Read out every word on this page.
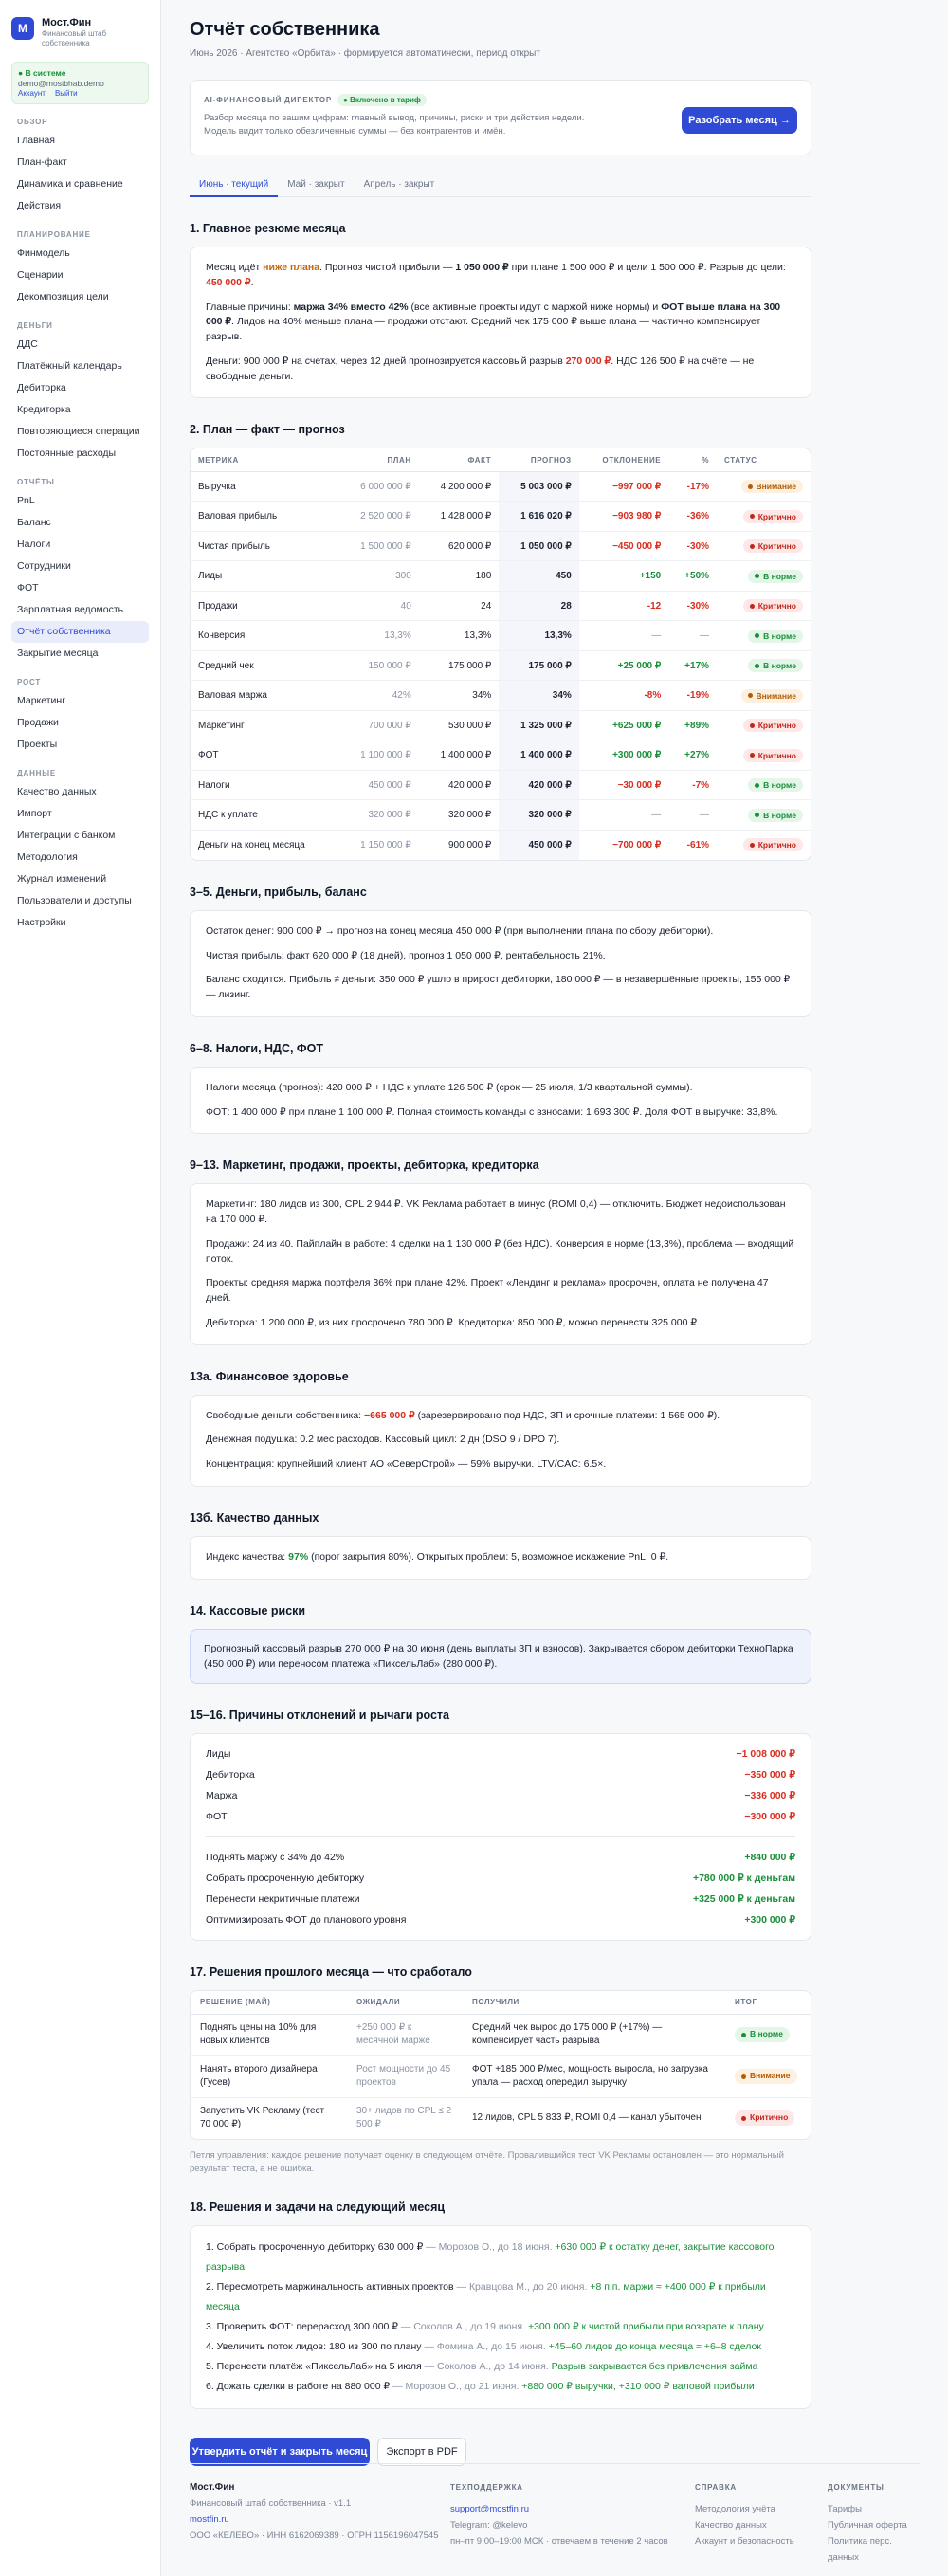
М	Мост.Фин
Финансовый штаб собственника
● В системе
demo@mostbhab.demo
Аккаунт Выйти
ОБЗОР
Главная
План-факт
Динамика и сравнение
Действия
ПЛАНИРОВАНИЕ
Финмодель
Сценарии
Декомпозиция цели
ДЕНЬГИ
ДДС
Платёжный календарь
Дебиторка
Кредиторка
Повторяющиеся операции
Постоянные расходы
ОТЧЁТЫ
PnL
Баланс
Налоги
Сотрудники
ФОТ
Зарплатная ведомость
Отчёт собственника
Закрытие месяца
РОСТ
Маркетинг
Продажи
Проекты
ДАННЫЕ
Качество данных
Импорт
Интеграции с банком
Методология
Журнал изменений
Пользователи и доступы
Настройки
Отчёт собственника
Июнь 2026 · Агентство «Орбита» · формируется автоматически, период открыт
AI-ФИНАНСОВЫЙ ДИРЕКТОР	● Включено в тариф
Разбор месяца по вашим цифрам: главный вывод, причины, риски и три действия недели. Модель видит только обезличенные суммы — без контрагентов и имён.
Разобрать месяц →
Июнь · текущий	Май · закрыт	Апрель · закрыт
1. Главное резюме месяца

Месяц идёт ниже плана. Прогноз чистой прибыли — 1 050 000 ₽ при плане 1 500 000 ₽ и цели 1 500 000 ₽. Разрыв до цели: 450 000 ₽.

Главные причины: маржа 34% вместо 42% (все активные проекты идут с маржой ниже нормы) и ФОТ выше плана на 300 000 ₽. Лидов на 40% меньше плана — продажи отстают. Средний чек 175 000 ₽ выше плана — частично компенсирует разрыв.

Деньги: 900 000 ₽ на счетах, через 12 дней прогнозируется кассовый разрыв 270 000 ₽. НДС 126 500 ₽ на счёте — не свободные деньги.

2. План — факт — прогноз
МЕТРИКА	ПЛАН	ФАКТ	ПРОГНОЗ	ОТКЛОНЕНИЕ	%	СТАТУС
Выручка	6 000 000 ₽	4 200 000 ₽	5 003 000 ₽	−997 000 ₽	-17%	Внимание
Валовая прибыль	2 520 000 ₽	1 428 000 ₽	1 616 020 ₽	−903 980 ₽	-36%	Критично
Чистая прибыль	1 500 000 ₽	620 000 ₽	1 050 000 ₽	−450 000 ₽	-30%	Критично
Лиды	300	180	450	+150	+50%	В норме
Продажи	40	24	28	-12	-30%	Критично
Конверсия	13,3%	13,3%	13,3%	—	—	В норме
Средний чек	150 000 ₽	175 000 ₽	175 000 ₽	+25 000 ₽	+17%	В норме
Валовая маржа	42%	34%	34%	-8%	-19%	Внимание
Маркетинг	700 000 ₽	530 000 ₽	1 325 000 ₽	+625 000 ₽	+89%	Критично
ФОТ	1 100 000 ₽	1 400 000 ₽	1 400 000 ₽	+300 000 ₽	+27%	Критично
Налоги	450 000 ₽	420 000 ₽	420 000 ₽	−30 000 ₽	-7%	В норме
НДС к уплате	320 000 ₽	320 000 ₽	320 000 ₽	—	—	В норме
Деньги на конец месяца	1 150 000 ₽	900 000 ₽	450 000 ₽	−700 000 ₽	-61%	Критично
3–5. Деньги, прибыль, баланс

Остаток денег: 900 000 ₽ → прогноз на конец месяца 450 000 ₽ (при выполнении плана по сбору дебиторки).

Чистая прибыль: факт 620 000 ₽ (18 дней), прогноз 1 050 000 ₽, рентабельность 21%.

Баланс сходится. Прибыль ≠ деньги: 350 000 ₽ ушло в прирост дебиторки, 180 000 ₽ — в незавершённые проекты, 155 000 ₽ — лизинг.

6–8. Налоги, НДС, ФОТ

Налоги месяца (прогноз): 420 000 ₽ + НДС к уплате 126 500 ₽ (срок — 25 июля, 1/3 квартальной суммы).

ФОТ: 1 400 000 ₽ при плане 1 100 000 ₽. Полная стоимость команды с взносами: 1 693 300 ₽. Доля ФОТ в выручке: 33,8%.

9–13. Маркетинг, продажи, проекты, дебиторка, кредиторка

Маркетинг: 180 лидов из 300, CPL 2 944 ₽. VK Реклама работает в минус (ROMI 0,4) — отключить. Бюджет недоиспользован на 170 000 ₽.

Продажи: 24 из 40. Пайплайн в работе: 4 сделки на 1 130 000 ₽ (без НДС). Конверсия в норме (13,3%), проблема — входящий поток.

Проекты: средняя маржа портфеля 36% при плане 42%. Проект «Лендинг и реклама» просрочен, оплата не получена 47 дней.

Дебиторка: 1 200 000 ₽, из них просрочено 780 000 ₽. Кредиторка: 850 000 ₽, можно перенести 325 000 ₽.

13а. Финансовое здоровье

Свободные деньги собственника: −665 000 ₽ (зарезервировано под НДС, ЗП и срочные платежи: 1 565 000 ₽).

Денежная подушка: 0.2 мес расходов. Кассовый цикл: 2 дн (DSO 9 / DPO 7).

Концентрация: крупнейший клиент АО «СеверСтрой» — 59% выручки. LTV/CAC: 6.5×.

13б. Качество данных

Индекс качества: 97% (порог закрытия 80%). Открытых проблем: 5, возможное искажение PnL: 0 ₽.

14. Кассовые риски
Прогнозный кассовый разрыв 270 000 ₽ на 30 июня (день выплаты ЗП и взносов). Закрывается сбором дебиторки ТехноПарка (450 000 ₽) или переносом платежа «ПиксельЛаб» (280 000 ₽).
15–16. Причины отклонений и рычаги роста
Лиды	−1 008 000 ₽
Дебиторка	−350 000 ₽
Маржа	−336 000 ₽
ФОТ	−300 000 ₽
Поднять маржу с 34% до 42%	+840 000 ₽
Собрать просроченную дебиторку	+780 000 ₽ к деньгам
Перенести некритичные платежи	+325 000 ₽ к деньгам
Оптимизировать ФОТ до планового уровня	+300 000 ₽
17. Решения прошлого месяца — что сработало
РЕШЕНИЕ (МАЙ)	ОЖИДАЛИ	ПОЛУЧИЛИ	ИТОГ
Поднять цены на 10% для новых клиентов	+250 000 ₽ к месячной марже	Средний чек вырос до 175 000 ₽ (+17%) — компенсирует часть разрыва	В норме
Нанять второго дизайнера (Гусев)	Рост мощности до 45 проектов	ФОТ +185 000 ₽/мес, мощность выросла, но загрузка упала — расход опередил выручку	Внимание
Запустить VK Рекламу (тест 70 000 ₽)	30+ лидов по CPL ≤ 2 500 ₽	12 лидов, CPL 5 833 ₽, ROMI 0,4 — канал убыточен	Критично
Петля управления: каждое решение получает оценку в следующем отчёте. Провалившийся тест VK Рекламы остановлен — это нормальный результат теста, а не ошибка.
18. Решения и задачи на следующий месяц
1. Собрать просроченную дебиторку 630 000 ₽ — Морозов О., до 18 июня. +630 000 ₽ к остатку денег, закрытие кассового разрыва
2. Пересмотреть маржинальность активных проектов — Кравцова М., до 20 июня. +8 п.п. маржи ≈ +400 000 ₽ к прибыли месяца
3. Проверить ФОТ: перерасход 300 000 ₽ — Соколов А., до 19 июня. +300 000 ₽ к чистой прибыли при возврате к плану
4. Увеличить поток лидов: 180 из 300 по плану — Фомина А., до 15 июня. +45–60 лидов до конца месяца ≈ +6–8 сделок
5. Перенести платёж «ПиксельЛаб» на 5 июля — Соколов А., до 14 июня. Разрыв закрывается без привлечения займа
6. Дожать сделки в работе на 880 000 ₽ — Морозов О., до 21 июня. +880 000 ₽ выручки, +310 000 ₽ валовой прибыли
Утвердить отчёт и закрыть месяц	Экспорт в PDF
Мост.Фин
Финансовый штаб собственника · v1.1
mostfin.ru
ООО «КЕЛЕВО» · ИНН 6162069389 · ОГРН 1156196047545
ТЕХПОДДЕРЖКА
support@mostfin.ru
Telegram: @kelevo
пн–пт 9:00–19:00 МСК · отвечаем в течение 2 часов
СПРАВКА
Методология учёта
Качество данных
Аккаунт и безопасность
ДОКУМЕНТЫ
Тарифы
Публичная оферта
Политика перс. данных
